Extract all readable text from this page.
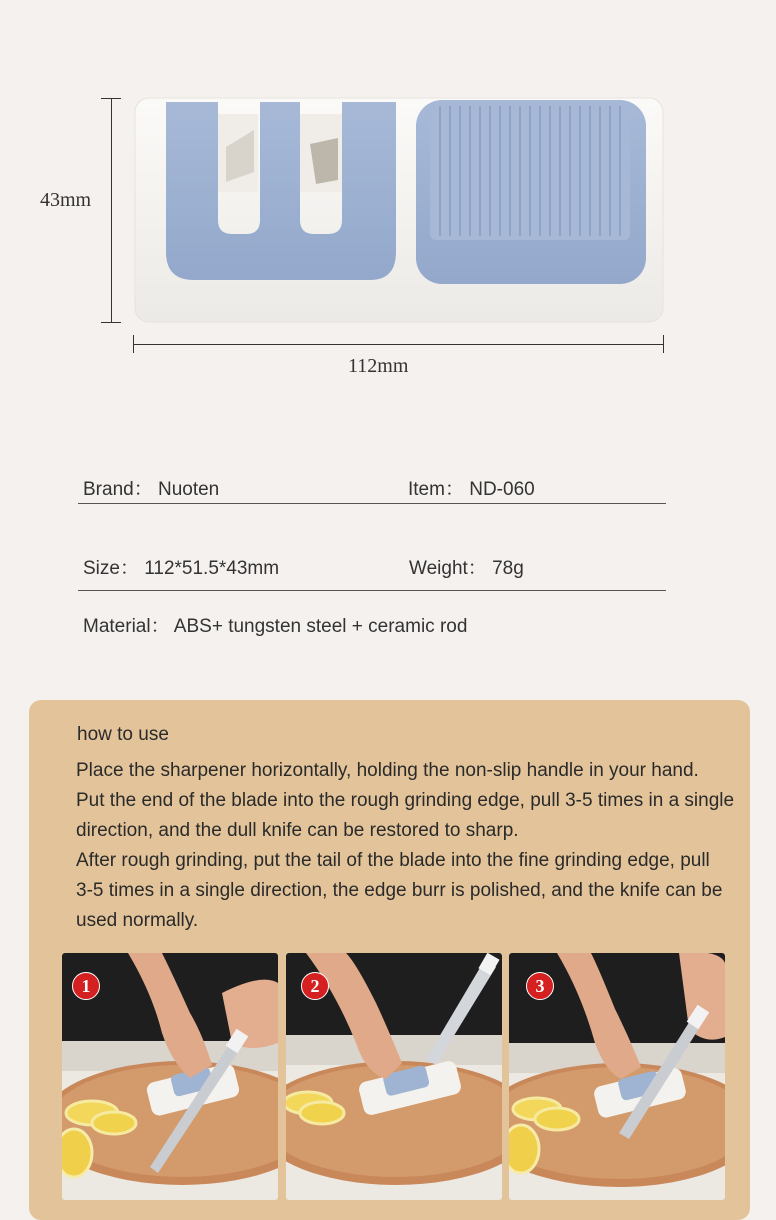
43mm
112mm
Brand： Nuoten	Item： ND-060
Size： 112*51.5*43mm	Weight： 78g
Material： ABS+ tungsten steel + ceramic rod
how to use
Place the sharpener horizontally, holding the non-slip handle in your hand.
Put the end of the blade into the rough grinding edge, pull 3-5 times in a single
direction, and the dull knife can be restored to sharp.
After rough grinding, put the tail of the blade into the fine grinding edge, pull
3-5 times in a single direction, the edge burr is polished, and the knife can be
used normally.
1	2	3
